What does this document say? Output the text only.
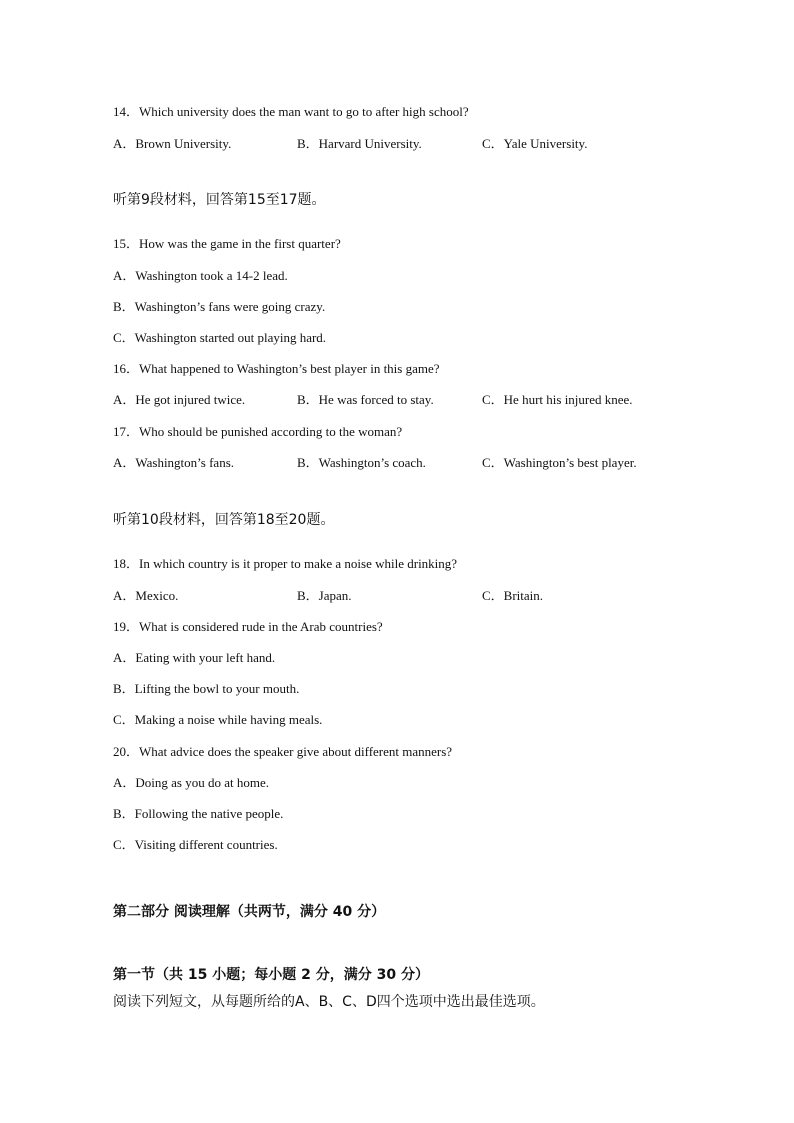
14．Which university does the man want to go to after high school?
A．Brown University.	B．Harvard University.	C．Yale University.
听第9段材料，回答第15至17题。
15．How was the game in the first quarter?
A．Washington took a 14-2 lead.
B．Washington’s fans were going crazy.
C．Washington started out playing hard.
16．What happened to Washington’s best player in this game?
A．He got injured twice.	B．He was forced to stay.	C．He hurt his injured knee.
17．Who should be punished according to the woman?
A．Washington’s fans.	B．Washington’s coach.	C．Washington’s best player.
听第10段材料，回答第18至20题。
18．In which country is it proper to make a noise while drinking?
A．Mexico.	B．Japan.	C．Britain.
19．What is considered rude in the Arab countries?
A．Eating with your left hand.
B．Lifting the bowl to your mouth.
C．Making a noise while having meals.
20．What advice does the speaker give about different manners?
A．Doing as you do at home.
B．Following the native people.
C．Visiting different countries.
第二部分 阅读理解（共两节，满分 40 分）
第一节（共 15 小题；每小题 2 分，满分 30 分）
阅读下列短文，从每题所给的A、B、C、D四个选项中选出最佳选项。
